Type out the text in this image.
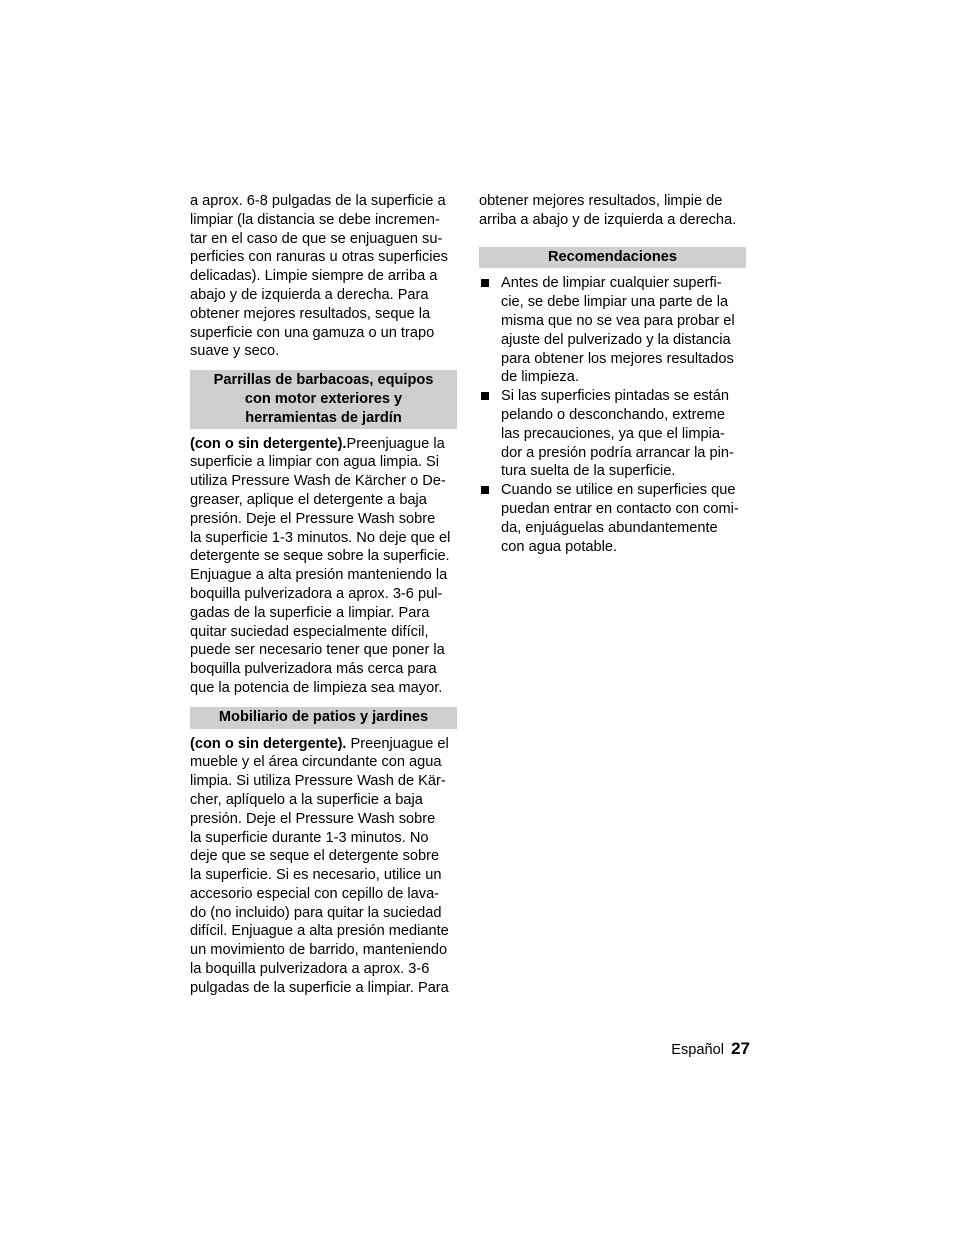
a aprox. 6-8 pulgadas de la superficie a
limpiar (la distancia se debe incremen-
tar en el caso de que se enjuaguen su-
perficies con ranuras u otras superficies
delicadas). Limpie siempre de arriba a
abajo y de izquierda a derecha. Para
obtener mejores resultados, seque la
superficie con una gamuza o un trapo
suave y seco.
Parrillas de barbacoas, equipos
con motor exteriores y
herramientas de jardín
(con o sin detergente).Preenjuague la
superficie a limpiar con agua limpia. Si
utiliza Pressure Wash de Kärcher o De-
greaser, aplique el detergente a baja
presión. Deje el Pressure Wash sobre
la superficie 1-3 minutos. No deje que el
detergente se seque sobre la superficie.
Enjuague a alta presión manteniendo la
boquilla pulverizadora a aprox. 3-6 pul-
gadas de la superficie a limpiar. Para
quitar suciedad especialmente difícil,
puede ser necesario tener que poner la
boquilla pulverizadora más cerca para
que la potencia de limpieza sea mayor.
Mobiliario de patios y jardines
(con o sin detergente). Preenjuague el
mueble y el área circundante con agua
limpia. Si utiliza Pressure Wash de Kär-
cher, aplíquelo a la superficie a baja
presión. Deje el Pressure Wash sobre
la superficie durante 1-3 minutos. No
deje que se seque el detergente sobre
la superficie. Si es necesario, utilice un
accesorio especial con cepillo de lava-
do (no incluido) para quitar la suciedad
difícil. Enjuague a alta presión mediante
un movimiento de barrido, manteniendo
la boquilla pulverizadora a aprox. 3-6
pulgadas de la superficie a limpiar. Para
obtener mejores resultados, limpie de
arriba a abajo y de izquierda a derecha.
Recomendaciones
Antes de limpiar cualquier superfi-
cie, se debe limpiar una parte de la
misma que no se vea para probar el
ajuste del pulverizado y la distancia
para obtener los mejores resultados
de limpieza.
Si las superficies pintadas se están
pelando o desconchando, extreme
las precauciones, ya que el limpia-
dor a presión podría arrancar la pin-
tura suelta de la superficie.
Cuando se utilice en superficies que
puedan entrar en contacto con comi-
da, enjuáguelas abundantemente
con agua potable.
Español 27
